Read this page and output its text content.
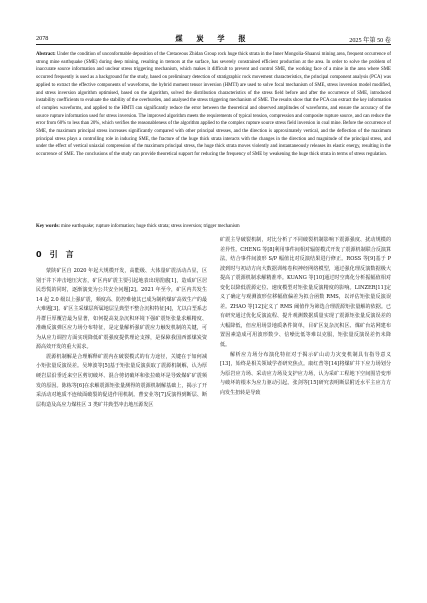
2078	煤 炭 学 报	2025 年第 50 卷
Abstract: Under the condition of unconformable deposition of the Cretaceous Zhidan Group rock huge thick strata in the Inner Mongolia-Shaanxi mining area, frequent occurrence of strong mine earthquake (SME) during deep mining, resulting in tremors at the surface, has severely constrained efficient production at the area. In order to solve the problem of inaccurate source information and unclear stress triggering mechanism, which makes it difficult to prevent and control SME, the working face of a mine in the area where SME occurred frequently is used as a background for the study, based on preliminary detection of stratigraphic rock movement characteristics, the principal component analysis (PCA) was applied to extract the effective components of waveforms, the hybrid moment tensor inversion (HMTI) are used to solve focal mechanism of SME, stress inversion model modified, and stress inversion algorithm optimised, based on the algorithm, solved the distribution characteristics of the stress field before and after the occurrence of SME, introduced instability coefficients to evaluate the stability of the overburden, and analysed the stress triggering mechanism of SME. The results show that the PCA can extract the key information of complex waveforms, and applied to the HMTI can significantly reduce the error between the theoretical and observed amplitudes of waveforms, and ensure the accuracy of the source rupture information used for stress inversion. The improved algorithm meets the requirements of typical tension, compression and composite rupture source, and can reduce the error from 60% to less than 20%, which verifies the reasonableness of the algorithm applied to the complex rupture source stress field inversion in coal mine. Before the occurrence of SME, the maximum principal stress increases significantly compared with other principal stresses, and the direction is approximately vertical, and the deflection of the maximum principal stress plays a controlling role in inducing SME, the fracture of the huge thick strata interacts with the changes in the direction and magnitude of the principal stress, and under the effect of vertical uniaxial compression of the maximum principal stress, the huge thick strata moves violently and instantaneously releases its elastic energy, resulting in the occurrence of SME. The conclusions of the study can provide theoretical support for reducing the frequency of SME by weakening the huge thick strata in terms of stress regulation.
Key words: mine earthquake; rupture information; huge thick strata; stress inversion; trigger mechanism
0　引　言

蒙陕矿区自 2020 年起大规模开发，高能级、大体量矿震活动凸显，区别于井下冲击地压灾害，矿区内矿震主要引起地表出现震感[1]，造成矿区居民恐慌的同时，逐渐演变为公共安全问题[2]。2021 年至今，矿区内共发生 14 起 2.0 级以上强矿震，频度高、防控难使其已成为制约煤矿高效生产的最大难题[3]。矿区主采煤层所属地层呈典型不整合沉积特征[4]，尤以白垩系志丹群巨厚覆岩最为显著，如何提高复杂沉积环境下强矿震矩张量求解精度、准确反演弹区应力场分布特征，是定量解析强矿震应力触发机制的关键，可为从应力调控方面实现降低矿震强度提供理论支撑，是保障我国西部煤炭资源高效开发的重大需求。

震源机制解是合理解释矿震内在破裂模式的有力途径，关键在于如何减小矩张量反演误差。吴坤波等[5]基于矩张量反演获取了震源机制解，认为厚硬岩层沿垂近来空区剪切破坏、混合剪切破坏和张拉破坏是导致煤矿矿震频发的原因。陈栋等[6]在求解震源矩张量测得的震源机制解基础上，揭示了开采活动对地质不连续面破裂的促进作用机制。曹安业等[7]反演得到断层、断层构造及高应力煤柱区 3 类矿井典型冲击地压源发区

矿震主导破裂机制，对比分析了不同破裂机制影响下震源强度、扰动规模的差异性。CHENG 等[8]利用事件间相对辐射模式开发了震源机制联合反演算法，结合事件间波形 S/P 幅值比对反演结果进行修正。ROSS 等[9]基于 P 波到时与初动方向大数据训练卷积神经网络模型，通过强化理反演数据极大提高了震源机制求解精准率。KUANG 等[10]通过时空离化分析振幅值相对变化以降低震源定位、速度模型对矩张量反演精度的影响。LINZER[11]定义了确定与观测波形位移幅值偏差为拟合函数 RMS，以评估矩张量反演误差。ZHAO 等[12]定义了 RMS 阈值作为筛选合理震源矩张量解的依据。已有研究通过优化反演流程、提升观测数据质量实现了震源矩张量反演误差的大幅降低，但应用场景地质条件简单，目矿区复杂沉积区、煤矿台站网建布置因素造成可用波形数少、信噪比低等难以克服，矩张量反演误差仍未降低。

解析应力场分布演化特征对于揭示矿山动力灾变机制具有指导意义[13]，始终是相关领域学者研究焦点。康红普等[14]将煤矿井下应力场划分为原岩应力场、采动应力场及支护应力场，认为采矿工程地下空间围岩变形与破坏的根本为应力驱动引起。张剑等[15]研究表明断层附近水平主应力方向发生扭转是导致
